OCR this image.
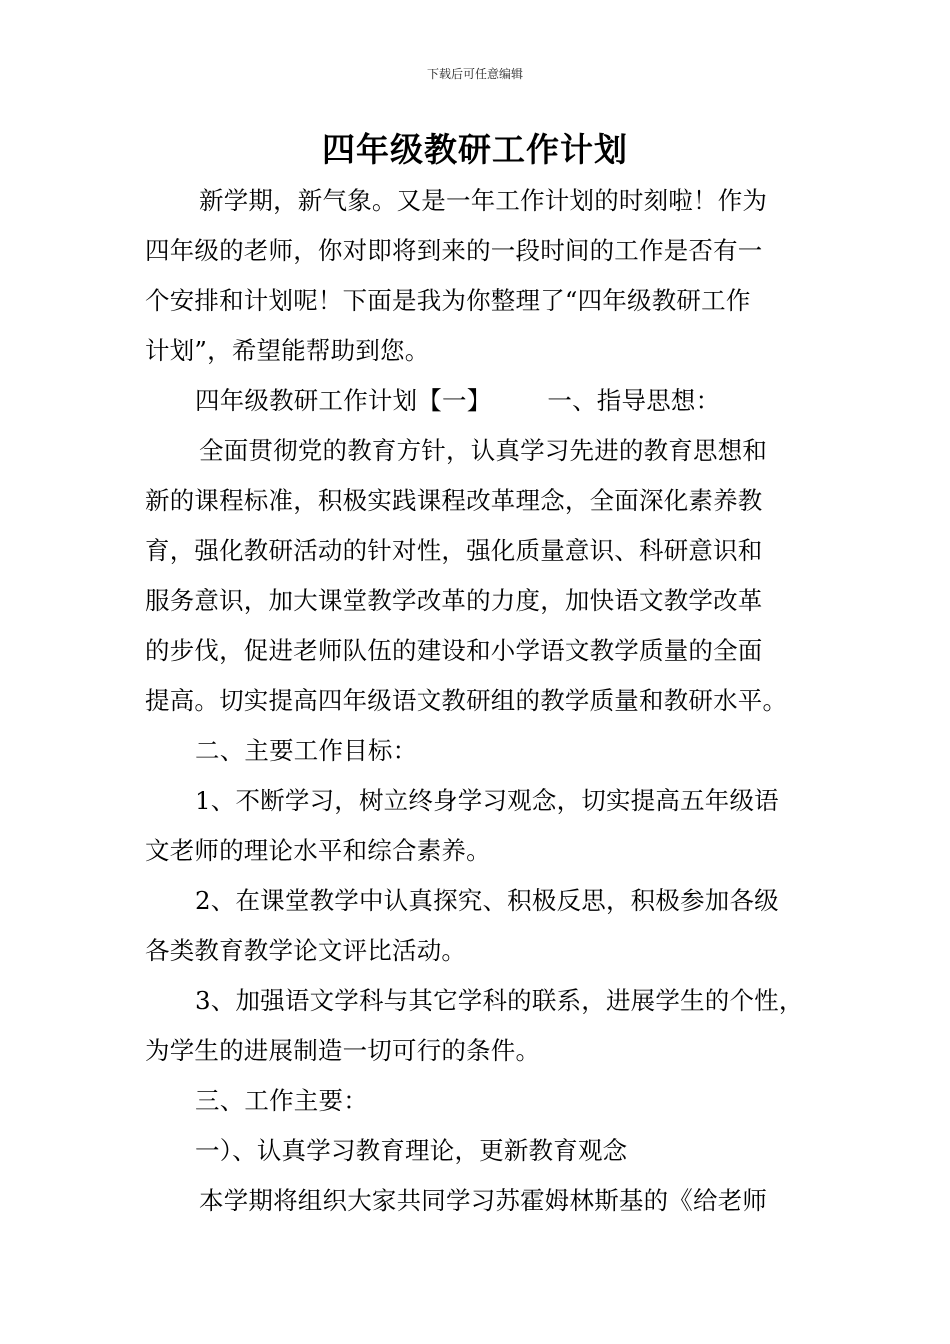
下载后可任意编辑
四年级教研工作计划
新学期，新气象。又是一年工作计划的时刻啦！作为
四年级的老师，你对即将到来的一段时间的工作是否有一
个安排和计划呢！下面是我为你整理了“四年级教研工作
计划”，希望能帮助到您。
四年级教研工作计划【一】 一、指导思想：
全面贯彻党的教育方针，认真学习先进的教育思想和
新的课程标准，积极实践课程改革理念，全面深化素养教
育，强化教研活动的针对性，强化质量意识、科研意识和
服务意识，加大课堂教学改革的力度，加快语文教学改革
的步伐，促进老师队伍的建设和小学语文教学质量的全面
提高。切实提高四年级语文教研组的教学质量和教研水平。
二、主要工作目标：
1、不断学习，树立终身学习观念，切实提高五年级语
文老师的理论水平和综合素养。
2、在课堂教学中认真探究、积极反思，积极参加各级
各类教育教学论文评比活动。
3、加强语文学科与其它学科的联系，进展学生的个性，
为学生的进展制造一切可行的条件。
三、工作主要：
一）、认真学习教育理论，更新教育观念
本学期将组织大家共同学习苏霍姆林斯基的《给老师
